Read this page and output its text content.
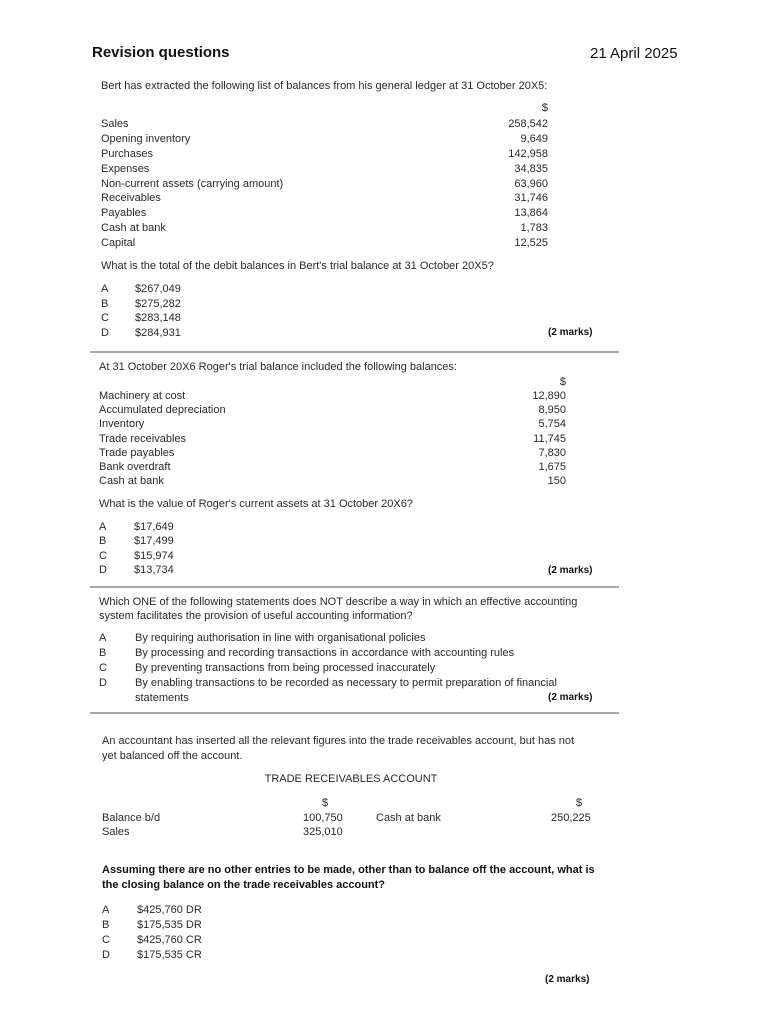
Revision questions	21 April 2025
Bert has extracted the following list of balances from his general ledger at 31 October 20X5:
$
Sales	258,542
Opening inventory	9,649
Purchases	142,958
Expenses	34,835
Non-current assets (carrying amount)	63,960
Receivables	31,746
Payables	13,864
Cash at bank	1,783
Capital	12,525
What is the total of the debit balances in Bert's trial balance at 31 October 20X5?
A $267,049
B $275,282
C $283,148
D $284,931	(2 marks)
At 31 October 20X6 Roger's trial balance included the following balances:
$
Machinery at cost	12,890
Accumulated depreciation	8,950
Inventory	5,754
Trade receivables	11,745
Trade payables	7,830
Bank overdraft	1,675
Cash at bank	150
What is the value of Roger's current assets at 31 October 20X6?
A	$17,649
B	$17,499
C $15,974
D $13,734	(2 marks)
Which ONE of the following statements does NOT describe a way in which an effective accounting
system facilitates the provision of useful accounting information?
A	By requiring authorisation in line with organisational policies
B	By processing and recording transactions in accordance with accounting rules
C	By preventing transactions from being processed inaccurately
D	By enabling transactions to be recorded as necessary to permit preparation of financial
statements	(2 marks)
An accountant has inserted all the relevant figures into the trade receivables account, but has not
yet balanced off the account.
TRADE RECEIVABLES ACCOUNT
$	$
Balance b/d	100,750	Cash at bank	250,225
Sales	325,010
Assuming there are no other entries to be made, other than to balance off the account, what is
the closing balance on the trade receivables account?
A	$425,760 DR
B	$175,535 DR
C $425,760 CR
D $175,535 CR
(2 marks)
